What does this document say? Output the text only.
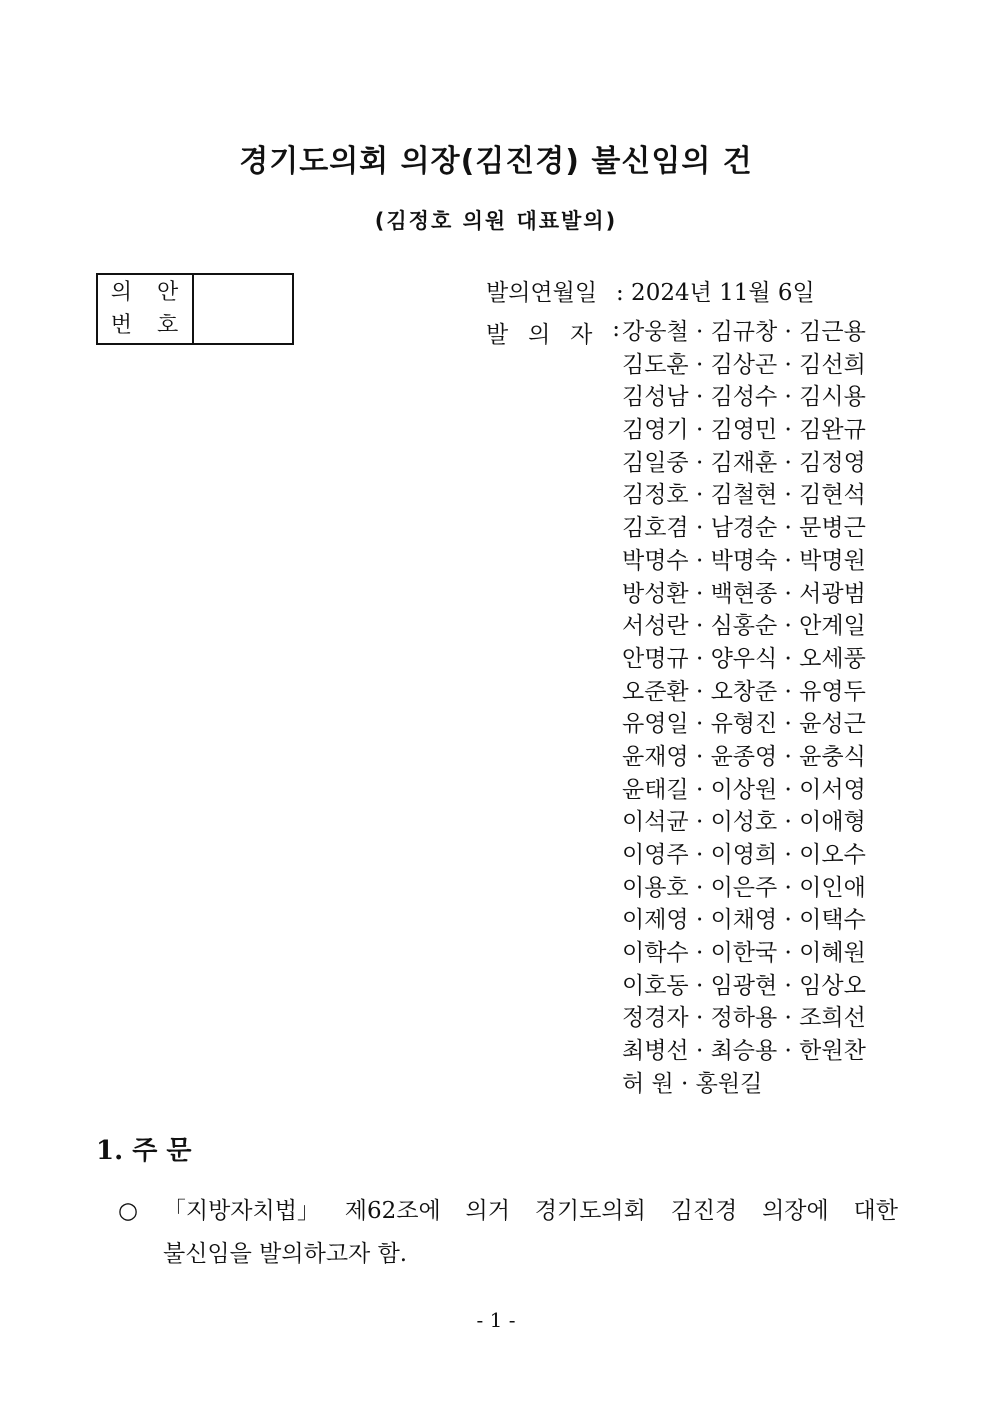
경기도의회 의장(김진경) 불신임의 건
(김정호 의원 대표발의)
의 안
번 호
발의연월일 : 2024년 11월 6일
발 의 자 : 강웅철 · 김규창 · 김근용
김도훈 · 김상곤 · 김선희
김성남 · 김성수 · 김시용
김영기 · 김영민 · 김완규
김일중 · 김재훈 · 김정영
김정호 · 김철현 · 김현석
김호겸 · 남경순 · 문병근
박명수 · 박명숙 · 박명원
방성환 · 백현종 · 서광범
서성란 · 심홍순 · 안계일
안명규 · 양우식 · 오세풍
오준환 · 오창준 · 유영두
유영일 · 유형진 · 윤성근
윤재영 · 윤종영 · 윤충식
윤태길 · 이상원 · 이서영
이석균 · 이성호 · 이애형
이영주 · 이영희 · 이오수
이용호 · 이은주 · 이인애
이제영 · 이채영 · 이택수
이학수 · 이한국 · 이혜원
이호동 · 임광현 · 임상오
정경자 · 정하용 · 조희선
최병선 · 최승용 · 한원찬
허 원 · 홍원길
1. 주 문
○ 「지방자치법」 제62조에 의거 경기도의회 김진경 의장에 대한
불신임을 발의하고자 함.
- 1 -
